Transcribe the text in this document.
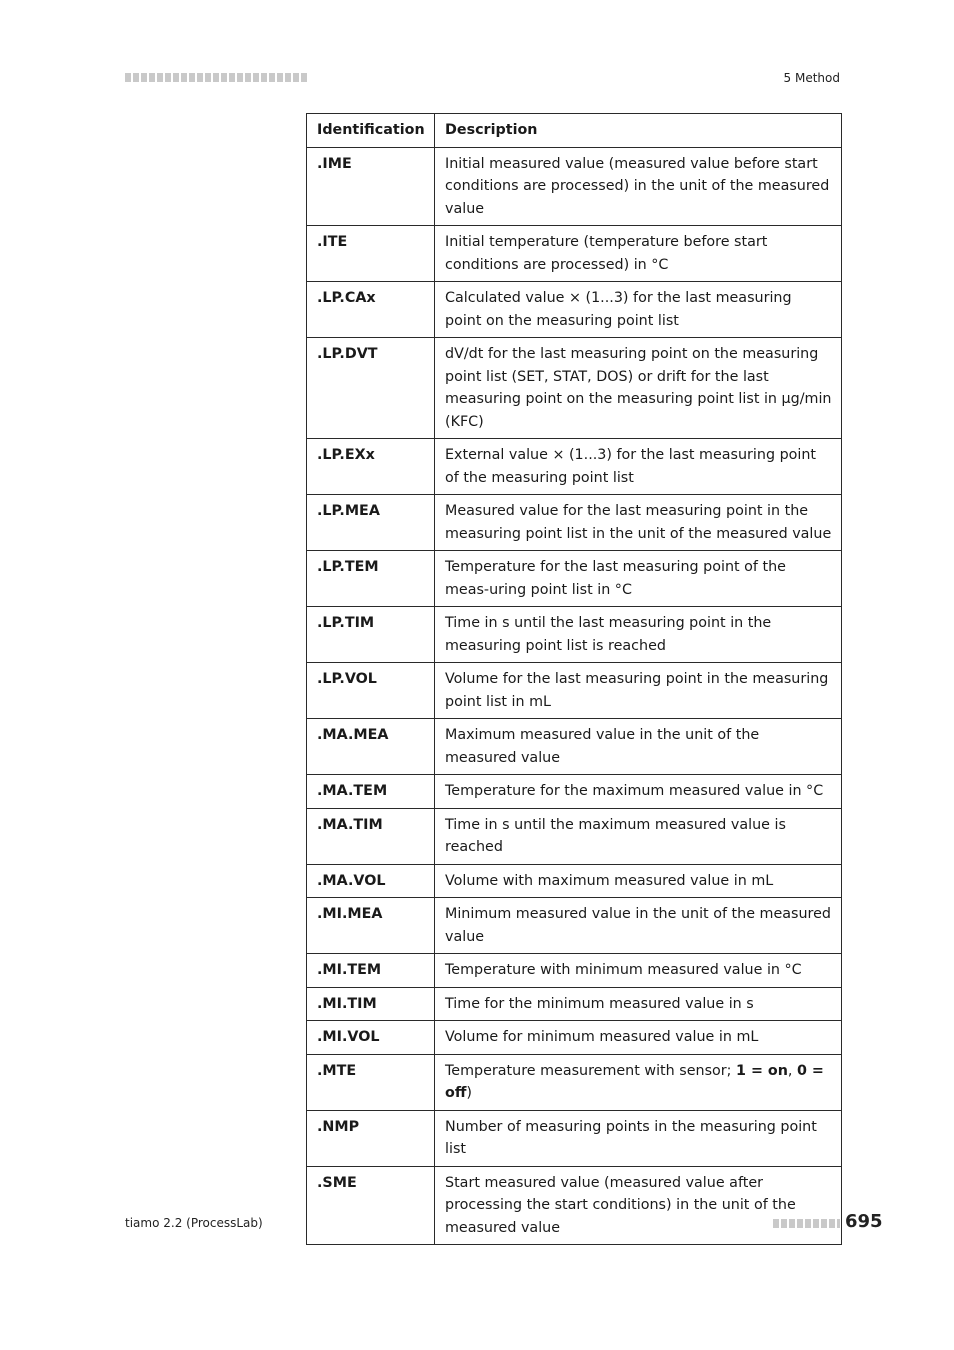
5 Method
Identification	Description
.IME	Initial measured value (measured value before start conditions are processed) in the unit of the measured value
.ITE	Initial temperature (temperature before start conditions are processed) in °C
.LP.CAx	Calculated value × (1...3) for the last measuring point on the measuring point list
.LP.DVT	dV/dt for the last measuring point on the measuring point list (SET, STAT, DOS) or drift for the last measuring point on the measuring point list in µg/min (KFC)
.LP.EXx	External value × (1...3) for the last measuring point of the measuring point list
.LP.MEA	Measured value for the last measuring point in the measuring point list in the unit of the measured value
.LP.TEM	Temperature for the last measuring point of the meas-uring point list in °C
.LP.TIM	Time in s until the last measuring point in the measuring point list is reached
.LP.VOL	Volume for the last measuring point in the measuring point list in mL
.MA.MEA	Maximum measured value in the unit of the measured value
.MA.TEM	Temperature for the maximum measured value in °C
.MA.TIM	Time in s until the maximum measured value is reached
.MA.VOL	Volume with maximum measured value in mL
.MI.MEA	Minimum measured value in the unit of the measured value
.MI.TEM	Temperature with minimum measured value in °C
.MI.TIM	Time for the minimum measured value in s
.MI.VOL	Volume for minimum measured value in mL
.MTE	Temperature measurement with sensor; 1 = on, 0 = off)
.NMP	Number of measuring points in the measuring point list
.SME	Start measured value (measured value after processing the start conditions) in the unit of the measured value
tiamo 2.2 (ProcessLab)	695
